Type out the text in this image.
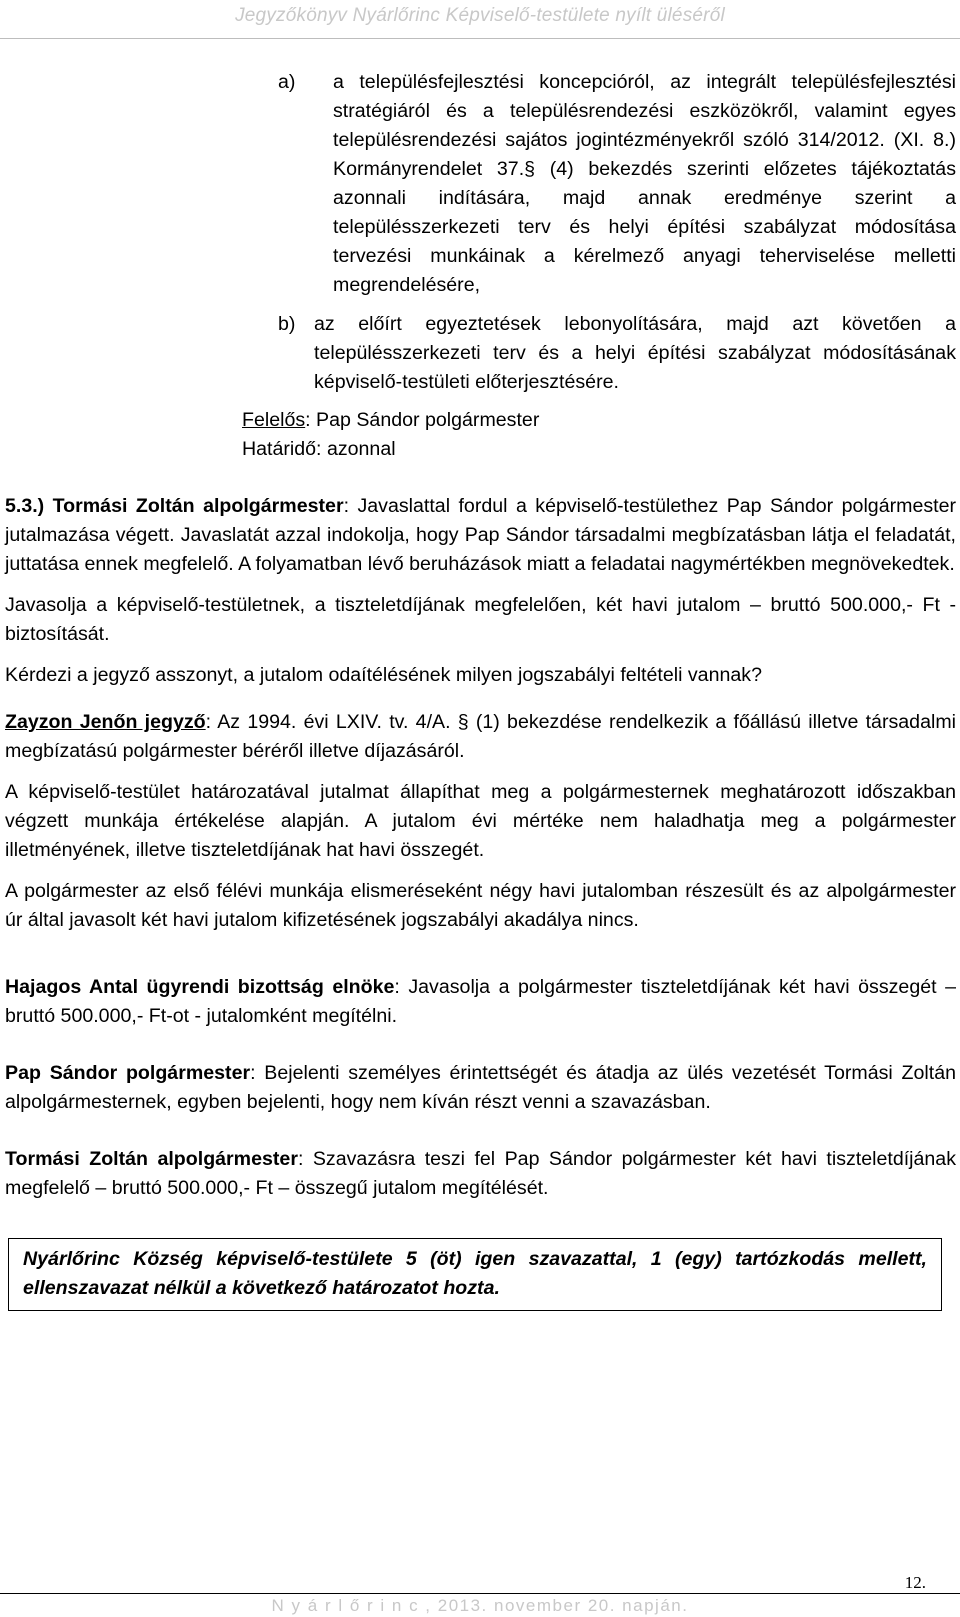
Jegyzőkönyv Nyárlőrinc Képviselő-testülete nyílt üléséről
a)	a településfejlesztési koncepcióról, az integrált településfejlesztési stratégiáról és a településrendezési eszközökről, valamint egyes településrendezési sajátos jogintézményekről szóló 314/2012. (XI. 8.) Kormányrendelet 37.§ (4) bekezdés szerinti előzetes tájékoztatás azonnali indítására, majd annak eredménye szerint a településszerkezeti terv és helyi építési szabályzat módosítása tervezési munkáinak a kérelmező anyagi teherviselése melletti megrendelésére,

b) az előírt egyeztetések lebonyolítására, majd azt követően a településszerkezeti terv és a helyi építési szabályzat módosításának képviselő-testületi előterjesztésére.

Felelős: Pap Sándor polgármester
Határidő: azonnal

5.3.) Tormási Zoltán alpolgármester: Javaslattal fordul a képviselő-testülethez Pap Sándor polgármester jutalmazása végett. Javaslatát azzal indokolja, hogy Pap Sándor társadalmi megbízatásban látja el feladatát, juttatása ennek megfelelő. A folyamatban lévő beruházások miatt a feladatai nagymértékben megnövekedtek.

Javasolja a képviselő-testületnek, a tiszteletdíjának megfelelően, két havi jutalom – bruttó 500.000,- Ft - biztosítását.

Kérdezi a jegyző asszonyt, a jutalom odaítélésének milyen jogszabályi feltételi vannak?

Zayzon Jenőn jegyző: Az 1994. évi LXIV. tv. 4/A. § (1) bekezdése rendelkezik a főállású illetve társadalmi megbízatású polgármester béréről illetve díjazásáról.

A képviselő-testület határozatával jutalmat állapíthat meg a polgármesternek meghatározott időszakban végzett munkája értékelése alapján. A jutalom évi mértéke nem haladhatja meg a polgármester illetményének, illetve tiszteletdíjának hat havi összegét.

A polgármester az első félévi munkája elismeréseként négy havi jutalomban részesült és az alpolgármester úr által javasolt két havi jutalom kifizetésének jogszabályi akadálya nincs.

Hajagos Antal ügyrendi bizottság elnöke: Javasolja a polgármester tiszteletdíjának két havi összegét – bruttó 500.000,- Ft-ot - jutalomként megítélni.

Pap Sándor polgármester: Bejelenti személyes érintettségét és átadja az ülés vezetését Tormási Zoltán alpolgármesternek, egyben bejelenti, hogy nem kíván részt venni a szavazásban.

Tormási Zoltán alpolgármester: Szavazásra teszi fel Pap Sándor polgármester két havi tiszteletdíjának megfelelő – bruttó 500.000,- Ft – összegű jutalom megítélését.

Nyárlőrinc Község képviselő-testülete 5 (öt) igen szavazattal, 1 (egy) tartózkodás mellett, ellenszavazat nélkül a következő határozatot hozta.
12.
N y á r l ő r i n c , 2013. november 20. napján.
